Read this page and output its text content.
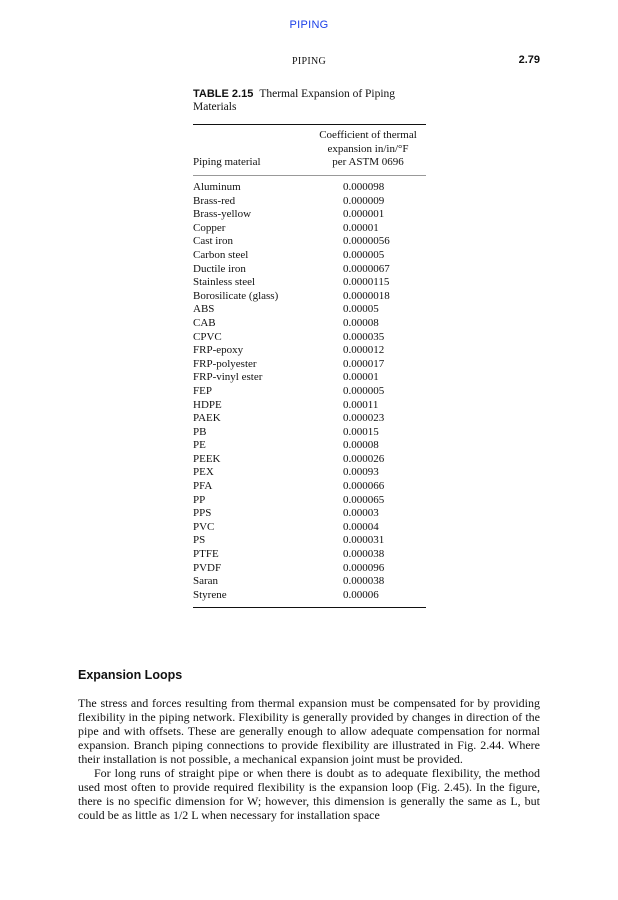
PIPING
PIPING	2.79
TABLE 2.15 Thermal Expansion of Piping Materials
Coefficient of thermal
expansion in/in/°F
per ASTM 0696
Piping material
Aluminum	0.000098
Brass-red	0.000009
Brass-yellow	0.000001
Copper	0.00001
Cast iron	0.0000056
Carbon steel	0.000005
Ductile iron	0.0000067
Stainless steel	0.0000115
Borosilicate (glass)	0.0000018
ABS	0.00005
CAB	0.00008
CPVC	0.000035
FRP-epoxy	0.000012
FRP-polyester	0.000017
FRP-vinyl ester	0.00001
FEP	0.000005
HDPE	0.00011
PAEK	0.000023
PB	0.00015
PE	0.00008
PEEK	0.000026
PEX	0.00093
PFA	0.000066
PP	0.000065
PPS	0.00003
PVC	0.00004
PS	0.000031
PTFE	0.000038
PVDF	0.000096
Saran	0.000038
Styrene	0.00006
Expansion Loops

The stress and forces resulting from thermal expansion must be compensated for by providing flexibility in the piping network. Flexibility is generally provided by changes in direction of the pipe and with offsets. These are generally enough to allow adequate compensation for normal expansion. Branch piping connections to provide flexibility are illustrated in Fig. 2.44. Where their installation is not possible, a mechanical expansion joint must be provided.

For long runs of straight pipe or when there is doubt as to adequate flexibility, the method used most often to provide required flexibility is the expansion loop (Fig. 2.45). In the figure, there is no specific dimension for W; however, this dimension is generally the same as L, but could be as little as 1/2 L when necessary for installation space
